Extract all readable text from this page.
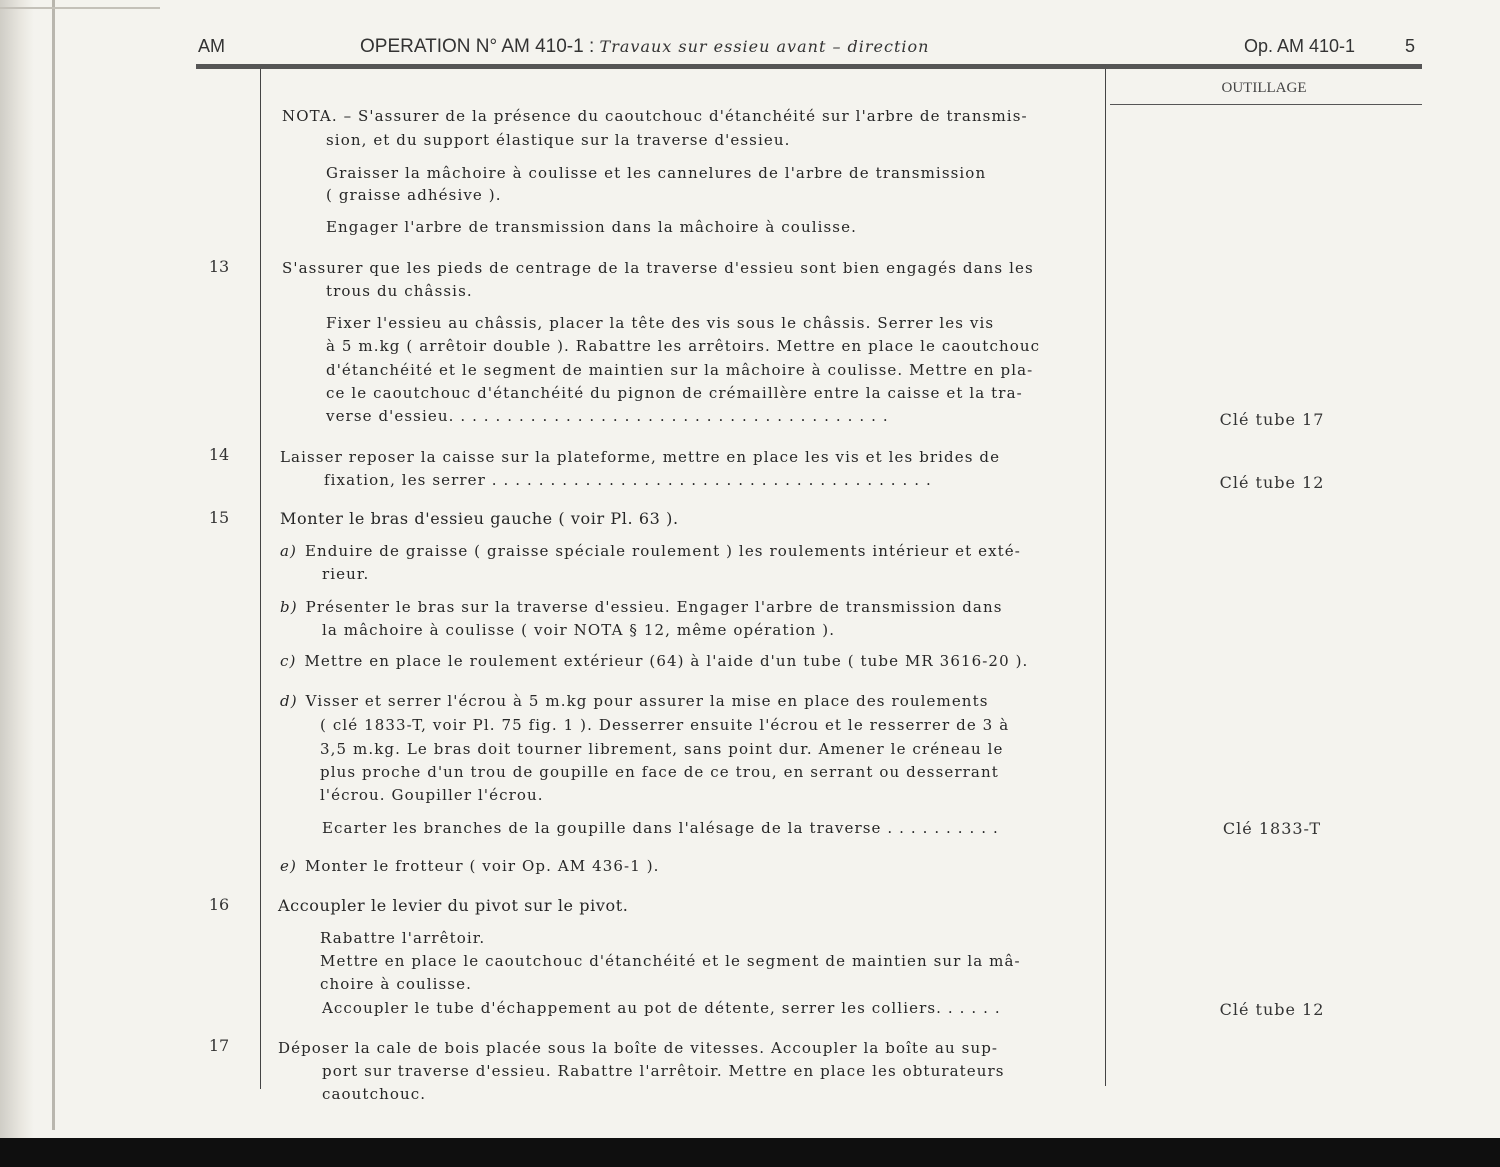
AM	OPERATION N° AM 410-1 : Travaux sur essieu avant – direction	Op. AM 410-1	5
OUTILLAGE
NOTA. – S'assurer de la présence du caoutchouc d'étanchéité sur l'arbre de transmis-
sion, et du support élastique sur la traverse d'essieu.
Graisser la mâchoire à coulisse et les cannelures de l'arbre de transmission
( graisse adhésive ).
Engager l'arbre de transmission dans la mâchoire à coulisse.
13	S'assurer que les pieds de centrage de la traverse d'essieu sont bien engagés dans les
trous du châssis.
Fixer l'essieu au châssis, placer la tête des vis sous le châssis. Serrer les vis
à 5 m.kg ( arrêtoir double ). Rabattre les arrêtoirs. Mettre en place le caoutchouc
d'étanchéité et le segment de maintien sur la mâchoire à coulisse. Mettre en pla-
ce le caoutchouc d'étanchéité du pignon de crémaillère entre la caisse et la tra-
verse d'essieu. . . . . . . . . . . . . . . . . . . . . . . . . . . . . . . . . . . . . .	Clé tube 17
14	Laisser reposer la caisse sur la plateforme, mettre en place les vis et les brides de
fixation, les serrer . . . . . . . . . . . . . . . . . . . . . . . . . . . . . . . . . . . . . .	Clé tube 12
15	Monter le bras d'essieu gauche ( voir Pl. 63 ).
a) Enduire de graisse ( graisse spéciale roulement ) les roulements intérieur et exté-
rieur.
b) Présenter le bras sur la traverse d'essieu. Engager l'arbre de transmission dans
la mâchoire à coulisse ( voir NOTA § 12, même opération ).
c) Mettre en place le roulement extérieur (64) à l'aide d'un tube ( tube MR 3616-20 ).
d) Visser et serrer l'écrou à 5 m.kg pour assurer la mise en place des roulements
( clé 1833-T, voir Pl. 75 fig. 1 ). Desserrer ensuite l'écrou et le resserrer de 3 à
3,5 m.kg. Le bras doit tourner librement, sans point dur. Amener le créneau le
plus proche d'un trou de goupille en face de ce trou, en serrant ou desserrant
l'écrou. Goupiller l'écrou.
Ecarter les branches de la goupille dans l'alésage de la traverse . . . . . . . . . .	Clé 1833-T
e) Monter le frotteur ( voir Op. AM 436-1 ).
16	Accoupler le levier du pivot sur le pivot.
Rabattre l'arrêtoir.
Mettre en place le caoutchouc d'étanchéité et le segment de maintien sur la mâ-
choire à coulisse.
Accoupler le tube d'échappement au pot de détente, serrer les colliers. . . . . .	Clé tube 12
17	Déposer la cale de bois placée sous la boîte de vitesses. Accoupler la boîte au sup-
port sur traverse d'essieu. Rabattre l'arrêtoir. Mettre en place les obturateurs
caoutchouc.
